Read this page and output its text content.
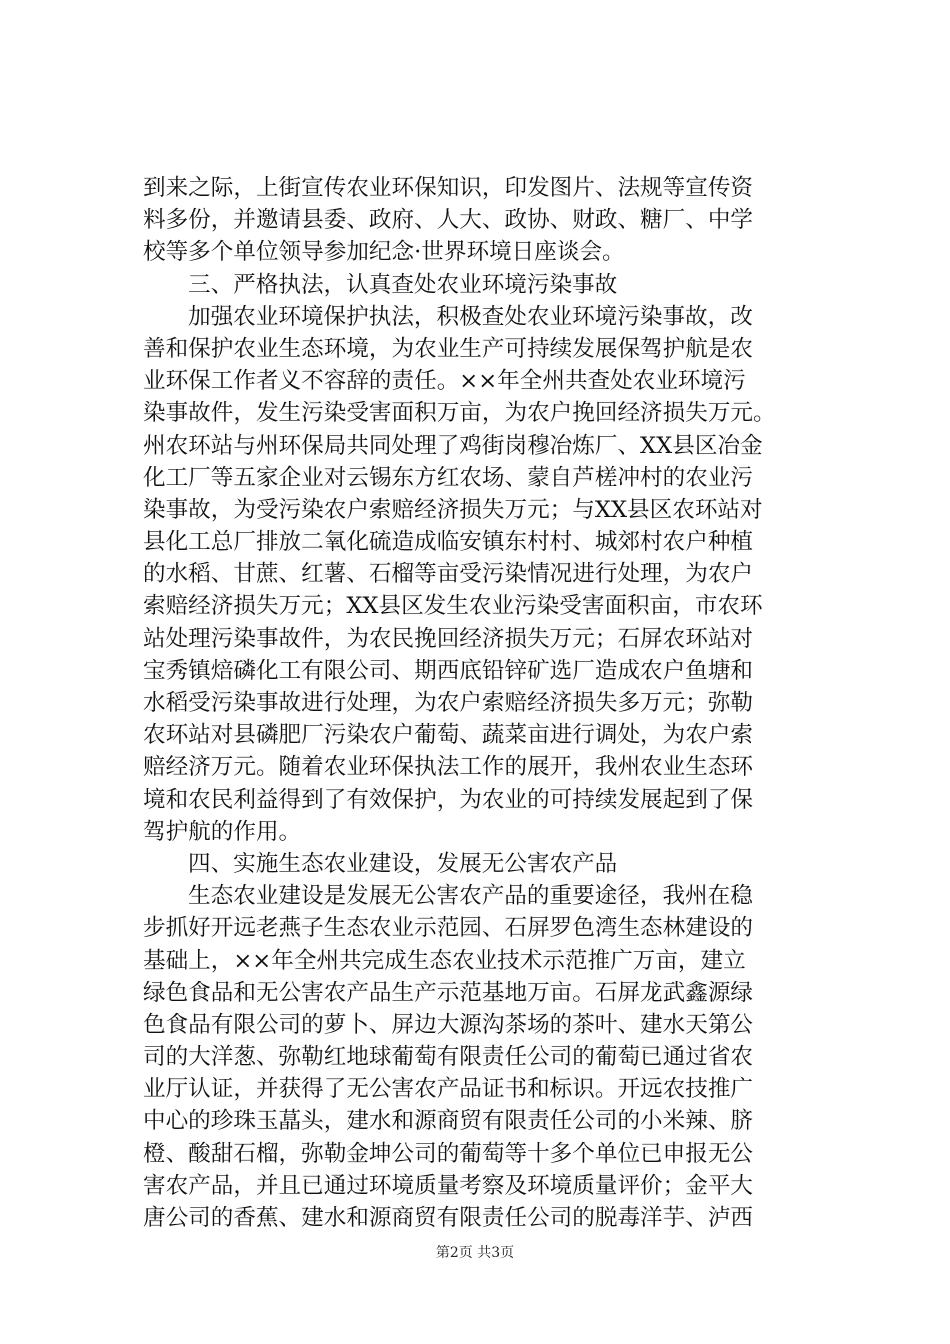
到来之际，上街宣传农业环保知识，印发图片、法规等宣传资
料多份，并邀请县委、政府、人大、政协、财政、糖厂、中学
校等多个单位领导参加纪念·世界环境日座谈会。
三、严格执法，认真查处农业环境污染事故
加强农业环境保护执法，积极查处农业环境污染事故，改
善和保护农业生态环境，为农业生产可持续发展保驾护航是农
业环保工作者义不容辞的责任。××年全州共查处农业环境污
染事故件，发生污染受害面积万亩，为农户挽回经济损失万元。
州农环站与州环保局共同处理了鸡街岗穆冶炼厂、XX县区冶金
化工厂等五家企业对云锡东方红农场、蒙自芦槎冲村的农业污
染事故，为受污染农户索赔经济损失万元；与XX县区农环站对
县化工总厂排放二氧化硫造成临安镇东村村、城郊村农户种植
的水稻、甘蔗、红薯、石榴等亩受污染情况进行处理，为农户
索赔经济损失万元；XX县区发生农业污染受害面积亩，市农环
站处理污染事故件，为农民挽回经济损失万元；石屏农环站对
宝秀镇焙磷化工有限公司、期西底铅锌矿选厂造成农户鱼塘和
水稻受污染事故进行处理，为农户索赔经济损失多万元；弥勒
农环站对县磷肥厂污染农户葡萄、蔬菜亩进行调处，为农户索
赔经济万元。随着农业环保执法工作的展开，我州农业生态环
境和农民利益得到了有效保护，为农业的可持续发展起到了保
驾护航的作用。
四、实施生态农业建设，发展无公害农产品
生态农业建设是发展无公害农产品的重要途径，我州在稳
步抓好开远老燕子生态农业示范园、石屏罗色湾生态林建设的
基础上，××年全州共完成生态农业技术示范推广万亩，建立
绿色食品和无公害农产品生产示范基地万亩。石屏龙武鑫源绿
色食品有限公司的萝卜、屏边大源沟茶场的茶叶、建水天第公
司的大洋葱、弥勒红地球葡萄有限责任公司的葡萄已通过省农
业厅认证，并获得了无公害农产品证书和标识。开远农技推广
中心的珍珠玉蕌头，建水和源商贸有限责任公司的小米辣、脐
橙、酸甜石榴，弥勒金坤公司的葡萄等十多个单位已申报无公
害农产品，并且已通过环境质量考察及环境质量评价；金平大
唐公司的香蕉、建水和源商贸有限责任公司的脱毒洋芋、泸西
第2页 共3页
